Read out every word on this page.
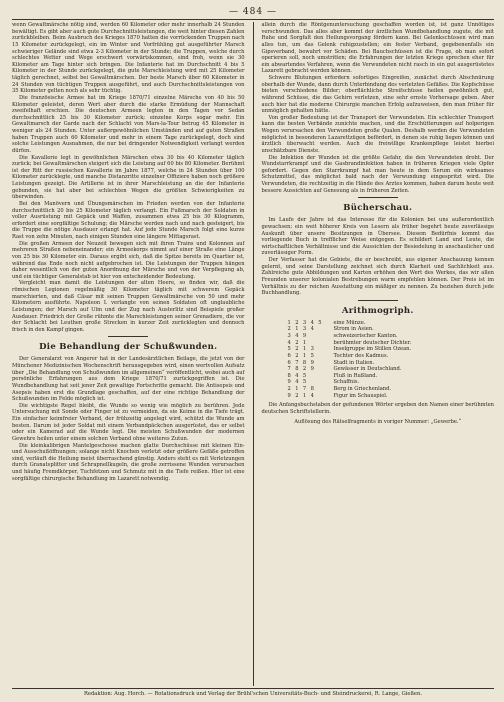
— 484 —

wenn Gewaltmärsche nötig sind, werden 60 Kilometer oder mehr innerhalb 24 Stunden bewältigt. Es gibt aber auch gute Durchschnittsleistungen, die weit hinter diesen Zahlen zurückbleiben. Beim Ausbruch des Krieges 1870 hatten die vorrückenden Truppen nach 15 Kilometer zurückgelegt, ein im Winter und Vorfrühling gut ausgeführter Marsch schwieriger Gelände sind etwa 2-3 Kilometer in der Stunde; die Truppen, welche durch schlechtes Wetter und Wege erschwert vorwärtskommen, sind froh, wenn sie 30 Kilometer am Tage hinter sich bringen. Die Infanterie hat im Durchschnitt 4 bis 5 Kilometer in der Stunde zurückgelegt, die gute Marschleistung wird mit 25 Kilometer täglich gerechnet, selbst bei Gewaltmärschen. Der beste Marsch über 60 Kilometer in 24 Stunden von tüchtigen Truppen ausgeführt, und auch Durchschnittsleistungen von 35 Kilometer gelten noch als sehr tüchtig.

Die französische Armee hat im Kriege 1870/71 einzelne Märsche von 40 bis 50 Kilometer geleistet, deren Wert aber durch die starke Ermüdung der Mannschaft zweifelhaft erschien. Die deutschen Armeen legten in den Tagen vor Sedan durchschnittlich 25 bis 30 Kilometer zurück; einzelne Korps sogar mehr. Ein Gewaltmarsch der Garde nach der Schlacht von Mars-la-Tour betrug 45 Kilometer in weniger als 24 Stunden. Unter außergewöhnlichen Umständen und auf guten Straßen haben Truppen auch 60 Kilometer und mehr in einem Tage zurückgelegt, doch sind solche Leistungen Ausnahmen, die nur bei dringender Notwendigkeit verlangt werden dürfen.

Die Kavallerie legt in gewöhnlichen Märschen etwa 30 bis 40 Kilometer täglich zurück; bei Gewaltmärschen steigert sich die Leistung auf 60 bis 80 Kilometer. Berühmt ist der Ritt der russischen Kavallerie im Jahre 1877, welche in 24 Stunden über 100 Kilometer zurücklegte, und manche Distanzritte einzelner Offiziere haben noch größere Leistungen gezeigt. Die Artillerie ist in ihrer Marschleistung an die der Infanterie gebunden, sie hat aber bei schlechten Wegen die größten Schwierigkeiten zu überwinden.

Bei den Manövern und Übungsmärschen im Frieden werden von der Infanterie durchschnittlich 20 bis 25 Kilometer täglich verlangt. Ein Fußmarsch der Soldaten in voller Ausrüstung mit Gepäck und Waffen, zusammen etwa 25 bis 30 Kilogramm, erfordert eine sorgfältige Schulung; die Märsche werden nach und nach gesteigert, bis die Truppe die nötige Ausdauer erlangt hat. Auf jede Stunde Marsch folgt eine kurze Rast von zehn Minuten, nach einigen Stunden eine längere Mittagsrast.

Die großen Armeen der Neuzeit bewegen sich mit ihren Trains und Kolonnen auf mehreren Straßen nebeneinander; ein Armeekorps nimmt auf einer Straße eine Länge von 25 bis 30 Kilometer ein. Daraus ergibt sich, daß die Spitze bereits im Quartier ist, während das Ende noch nicht aufgebrochen ist. Die Leistungen der Truppen hängen daher wesentlich von der guten Anordnung der Märsche und von der Verpflegung ab, und ein tüchtiger Generalstab ist hier von entscheidender Bedeutung.

Vergleicht man damit die Leistungen der alten Heere, so finden wir, daß die römischen Legionen regelmäßig 30 Kilometer täglich mit schwerem Gepäck marschierten, und daß Cäsar mit seinen Truppen Gewaltmärsche von 50 und mehr Kilometern ausführte. Napoleon I. verlangte von seinen Soldaten oft unglaubliche Leistungen; der Marsch auf Ulm und der Zug nach Austerlitz sind Beispiele großer Ausdauer. Friedrich der Große rühmte die Marschleistungen seiner Grenadiere, die vor der Schlacht bei Leuthen große Strecken in kurzer Zeit zurücklegten und dennoch frisch in den Kampf gingen.

Die Behandlung der Schußwunden.

Der Generalarzt von Angerer hat in der Landesärztlichen Beilage, die jetzt von der Münchener Medizinischen Wochenschrift herausgegeben wird, einen wertvollen Aufsatz über „Die Behandlung von Schußwunden im allgemeinen“ veröffentlicht, wobei auch auf persönliche Erfahrungen aus dem Kriege 1870/71 zurückgegriffen ist. Die Wundbehandlung hat seit jener Zeit gewaltige Fortschritte gemacht. Die Antisepsis und Asepsis haben erst die Grundlage geschaffen, auf der eine richtige Behandlung der Schußwunden im Felde möglich ist.

Die wichtigste Regel bleibt, die Wunde so wenig wie möglich zu berühren. Jede Untersuchung mit Sonde oder Finger ist zu vermeiden, da sie Keime in die Tiefe trägt. Ein einfacher keimfreier Verband, der frühzeitig angelegt wird, schützt die Wunde am besten. Darum ist jeder Soldat mit einem Verbandpäckchen ausgerüstet, das er selbst oder ein Kamerad auf die Wunde legt. Die meisten Schußwunden der modernen Gewehre heilen unter einem solchen Verband ohne weiteres Zutun.

Die kleinkalibrigen Mantelgeschosse machen glatte Durchschüsse mit kleinen Ein- und Ausschußöffnungen; solange nicht Knochen verletzt oder größere Gefäße getroffen sind, verläuft die Heilung meist überraschend günstig. Anders steht es mit Verletzungen durch Granatsplitter und Schrapnellkugeln, die große zerrissene Wunden verursachen und häufig Fremdkörper, Tuchfetzen und Schmutz mit in die Tiefe reißen. Hier ist eine sorgfältige chirurgische Behandlung im Lazarett notwendig.

allein durch die Röntgenuntersuchung geschaffen worden ist, ist ganz Unnötiges verschwunden. Das alles aber kommt der ärztlichen Wundbehandlung zugute, die mit Ruhe und Sorgfalt den Heilungsvorgang fördern kann. Bei Gelenkschüssen wird man alles tun, um das Gelenk ruhigzustellen; ein fester Verband, gegebenenfalls ein Gipsverband, bewahrt vor Schäden. Bei Bauchschüssen ist die Frage, ob man sofort operieren soll, noch umstritten; die Erfahrungen der letzten Kriege sprechen eher für ein abwartendes Verfahren, wenn die Verwundeten nicht rasch in ein gut ausgerüstetes Lazarett gebracht werden können.

Schwere Blutungen erfordern sofortiges Eingreifen, zunächst durch Abschnürung oberhalb der Wunde, dann durch Unterbindung des verletzten Gefäßes. Die Kopfschüsse bieten verschiedene Bilder; oberflächliche Streifschüsse heilen gewöhnlich gut, während Schüsse, die das Gehirn verletzen, eine sehr ernste Vorhersage geben. Aber auch hier hat die moderne Chirurgie manchen Erfolg aufzuweisen, den man früher für unmöglich gehalten hätte.

Von großer Bedeutung ist der Transport der Verwundeten. Ein schlechter Transport kann die besten Verbände zunichte machen, und die Erschütterungen auf holperigen Wegen verursachen den Verwundeten große Qualen. Deshalb werden die Verwundeten möglichst in besonderen Lazarettzügen befördert, in denen sie ruhig liegen können und ärztlich überwacht werden. Auch die freiwillige Krankenpflege leistet hierbei unschätzbare Dienste.

Die Infektion der Wunden ist die größte Gefahr, die den Verwundeten droht. Der Wundstarrkrampf und die Gasbrandinfektion haben in früheren Kriegen viele Opfer gefordert. Gegen den Starrkrampf hat man heute in dem Serum ein wirksames Schutzmittel, das möglichst bald nach der Verwundung eingespritzt wird. Die Verwundeten, die rechtzeitig in die Hände des Arztes kommen, haben darum heute weit bessere Aussichten auf Genesung als in früheren Zeiten.

Bücherschau.

Im Laufe der Jahre ist das Interesse für die Kolonien bei uns außerordentlich gewachsen; ein weit höherer Kreis von Lesern als früher begehrt heute zuverlässige Auskunft über unsere Besitzungen in Übersee. Diesem Bedürfnis kommt das vorliegende Buch in trefflicher Weise entgegen. Es schildert Land und Leute, die wirtschaftlichen Verhältnisse und die Aussichten der Besiedelung in anschaulicher und zuverlässiger Form.

Der Verfasser hat die Gebiete, die er beschreibt, aus eigener Anschauung kennen gelernt, und seine Darstellung zeichnet sich durch Klarheit und Sachlichkeit aus. Zahlreiche gute Abbildungen und Karten erhöhen den Wert des Werkes, das wir allen Freunden unserer kolonialen Bestrebungen warm empfehlen können. Der Preis ist im Verhältnis zu der reichen Ausstattung ein mäßiger zu nennen. Zu beziehen durch jede Buchhandlung.

Arithmogriph.
1 2 3 4 5 eine Münze.
2 1 3 4	Strom in Asien.
3 4 9	schweizerischer Kanton.
4 2 1	berühmter deutscher Dichter.
5 2 1 3	Inselgruppe im Stillen Ozean.
6 2 1 5	Tochter des Kadmus.
6 7 8 9	Stadt in Italien.
7 8 2 9	Gewässer in Deutschland.
8 4 5	Fluß in Rußland.
9 4 5	Schaffnis.
2 1 7 8	Berg in Griechenland.
9 2 1 4	Figur im Schauspiel.

Die Anfangsbuchstaben der gefundenen Wörter ergeben den Namen einer berühmten deutschen Schriftstellerin.

Auflösung des Rätselfragments in voriger Nummer: „Gewerbe.“
Redaktion: Aug. Horch. — Rotationsdruck und Verlag der Brühl'schen Universitäts-Buch- und Steindruckerei, R. Lange, Gießen.
